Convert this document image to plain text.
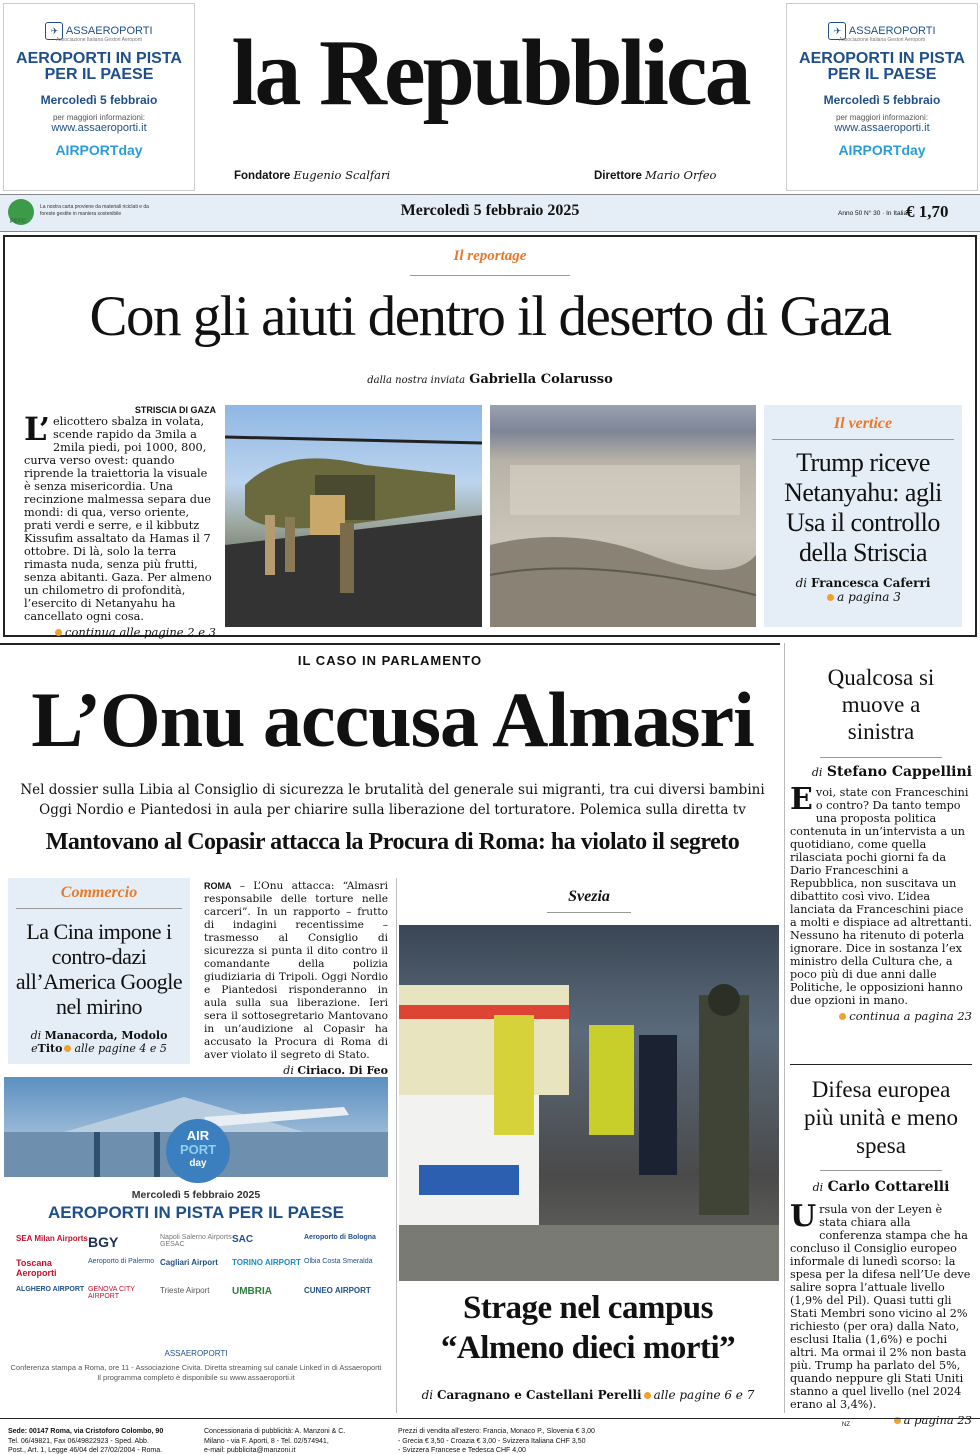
✈ ASSAEROPORTI
Associazione Italiana Gestori Aeroporti
AEROPORTI IN PISTA
PER IL PAESE
Mercoledì 5 febbraio
per maggiori informazioni:
www.assaeroporti.it
AIRPORTday
la Repubblica
Fondatore Eugenio Scalfari	Direttore Mario Orfeo
✈ ASSAEROPORTI
Associazione Italiana Gestori Aeroporti
AEROPORTI IN PISTA
PER IL PAESE
Mercoledì 5 febbraio
per maggiori informazioni:
www.assaeroporti.it
AIRPORTday
PEFC
La nostra carta proviene da materiali riciclati e da foreste gestite in maniera sostenibile	Mercoledì 5 febbraio 2025	Anno 50 N° 30 · In Italia
€ 1,70
Il reportage
Con gli aiuti dentro il deserto di Gaza
dalla nostra inviata Gabriella Colarusso
STRISCIA DI GAZA
L’ elicottero sbalza in volata, scende rapido da 3mila a 2mila piedi, poi 1000, 800, curva verso ovest: quando riprende la traiettoria la visuale è senza misericordia. Una recinzione malmessa separa due mondi: di qua, verso oriente, prati verdi e serre, e il kibbutz Kissufim assaltato da Hamas il 7 ottobre. Di là, solo la terra rimasta nuda, senza più frutti, senza abitanti. Gaza. Per almeno un chilometro di profondità, l’esercito di Netanyahu ha cancellato ogni cosa.
continua alle pagine 2 e 3
Il vertice
Trump riceve Netanyahu: agli Usa il controllo della Striscia
di Francesca Caferri
a pagina 3
IL CASO IN PARLAMENTO
L’Onu accusa Almasri
Nel dossier sulla Libia al Consiglio di sicurezza le brutalità del generale sui migranti, tra cui diversi bambini
Oggi Nordio e Piantedosi in aula per chiarire sulla liberazione del torturatore. Polemica sulla diretta tv
Mantovano al Copasir attacca la Procura di Roma: ha violato il segreto
Commercio
La Cina impone i contro-dazi all’America Google nel mirino
di Manacorda, Modolo
eTito alle pagine 4 e 5
ROMA – L’Onu attacca: “Almasri responsabile delle torture nelle carceri”. In un rapporto – frutto di indagini recentissime – trasmesso al Consiglio di sicurezza si punta il dito contro il comandante della polizia giudiziaria di Tripoli. Oggi Nordio e Piantedosi risponderanno in aula sulla sua liberazione. Ieri sera il sottosegretario Mantovano in un’audizione al Copasir ha accusato la Procura di Roma di aver violato il segreto di Stato.
di Ciriaco. Di Feo

AIR
PORT
day
Mercoledì 5 febbraio 2025
AEROPORTI IN PISTA PER IL PAESE
SEA Milan Airports BGY	Napoli Salerno Airports GESAC	SAC	Aeroporto di Bologna
Toscana Aeroporti
Aeroporto di Palermo Cagliari Airport	TORINO AIRPORT Olbia Costa Smeralda
ALGHERO AIRPORT GENOVA CITY AIRPORT
Trieste Airport	UMBRIA	CUNEO AIRPORT
ASSAEROPORTI
Conferenza stampa a Roma, ore 11 - Associazione Civita. Diretta streaming sul canale Linked in di Assaeroporti
Il programma completo è disponibile su www.assaeroporti.it
Svezia
Strage nel campus
“Almeno dieci morti”
di Caragnano e Castellani Perelli alle pagine 6 e 7
Qualcosa si muove a sinistra
di Stefano Cappellini
E voi, state con Franceschini o contro? Da tanto tempo una proposta politica contenuta in un’intervista a un quotidiano, come quella rilasciata pochi giorni fa da Dario Franceschini a Repubblica, non suscitava un dibattito così vivo. L’idea lanciata da Franceschini piace a molti e dispiace ad altrettanti. Nessuno ha ritenuto di poterla ignorare. Dice in sostanza l’ex ministro della Cultura che, a poco più di due anni dalle Politiche, le opposizioni hanno due opzioni in mano.
continua a pagina 23
Difesa europea più unità e meno spesa
di Carlo Cottarelli
U rsula von der Leyen è stata chiara alla conferenza stampa che ha concluso il Consiglio europeo informale di lunedì scorso: la spesa per la difesa nell’Ue deve salire sopra l’attuale livello (1,9% del Pil). Quasi tutti gli Stati Membri sono vicino al 2% richiesto (per ora) dalla Nato, esclusi Italia (1,6%) e pochi altri. Ma ormai il 2% non basta più. Trump ha parlato del 5%, quando neppure gli Stati Uniti stanno a quel livello (nel 2024 erano al 3,4%).
a pagina 23
Sede: 00147 Roma, via Cristoforo Colombo, 90
Tel. 06/49821, Fax 06/49822923 - Sped. Abb.
Post., Art. 1, Legge 46/04 del 27/02/2004 - Roma.
Concessionaria di pubblicità: A. Manzoni & C.
Milano - via F. Aporti, 8 - Tel. 02/574941,
e-mail: pubblicita@manzoni.it
Prezzi di vendita all'estero: Francia, Monaco P., Slovenia € 3,00
- Grecia € 3,50 - Croazia € 3,00 - Svizzera Italiana CHF 3,50
- Svizzera Francese e Tedesca CHF 4,00
NZ
